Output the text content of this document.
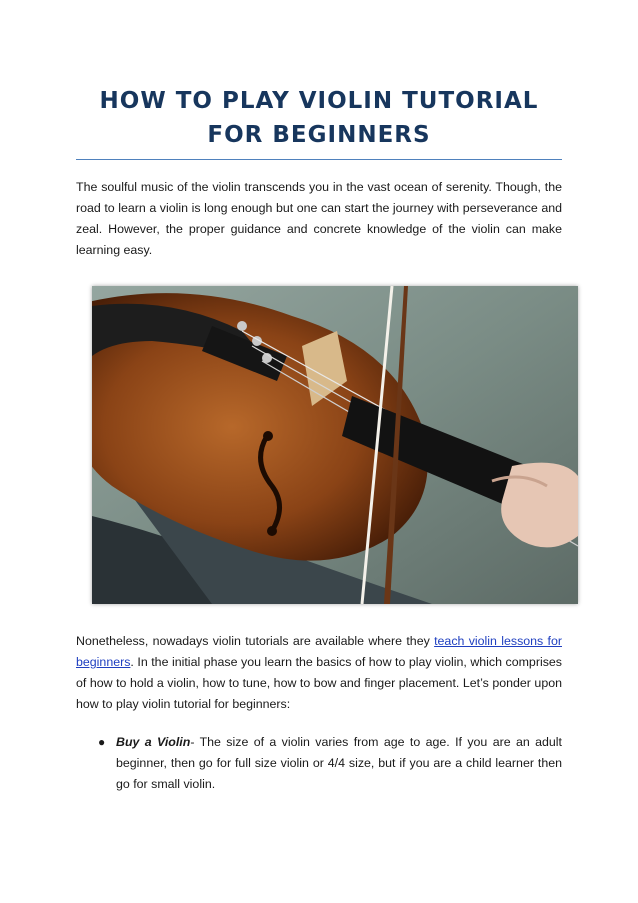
HOW TO PLAY VIOLIN TUTORIAL
FOR BEGINNERS
The soulful music of the violin transcends you in the vast ocean of serenity. Though, the road to learn a violin is long enough but one can start the journey with perseverance and zeal. However, the proper guidance and concrete knowledge of the violin can make learning easy.
Nonetheless, nowadays violin tutorials are available where they teach violin lessons for beginners. In the initial phase you learn the basics of how to play violin, which comprises of how to hold a violin, how to tune, how to bow and finger placement. Let’s ponder upon how to play violin tutorial for beginners:
● Buy a Violin- The size of a violin varies from age to age. If you are an adult beginner, then go for full size violin or 4/4 size, but if you are a child learner then go for small violin.
